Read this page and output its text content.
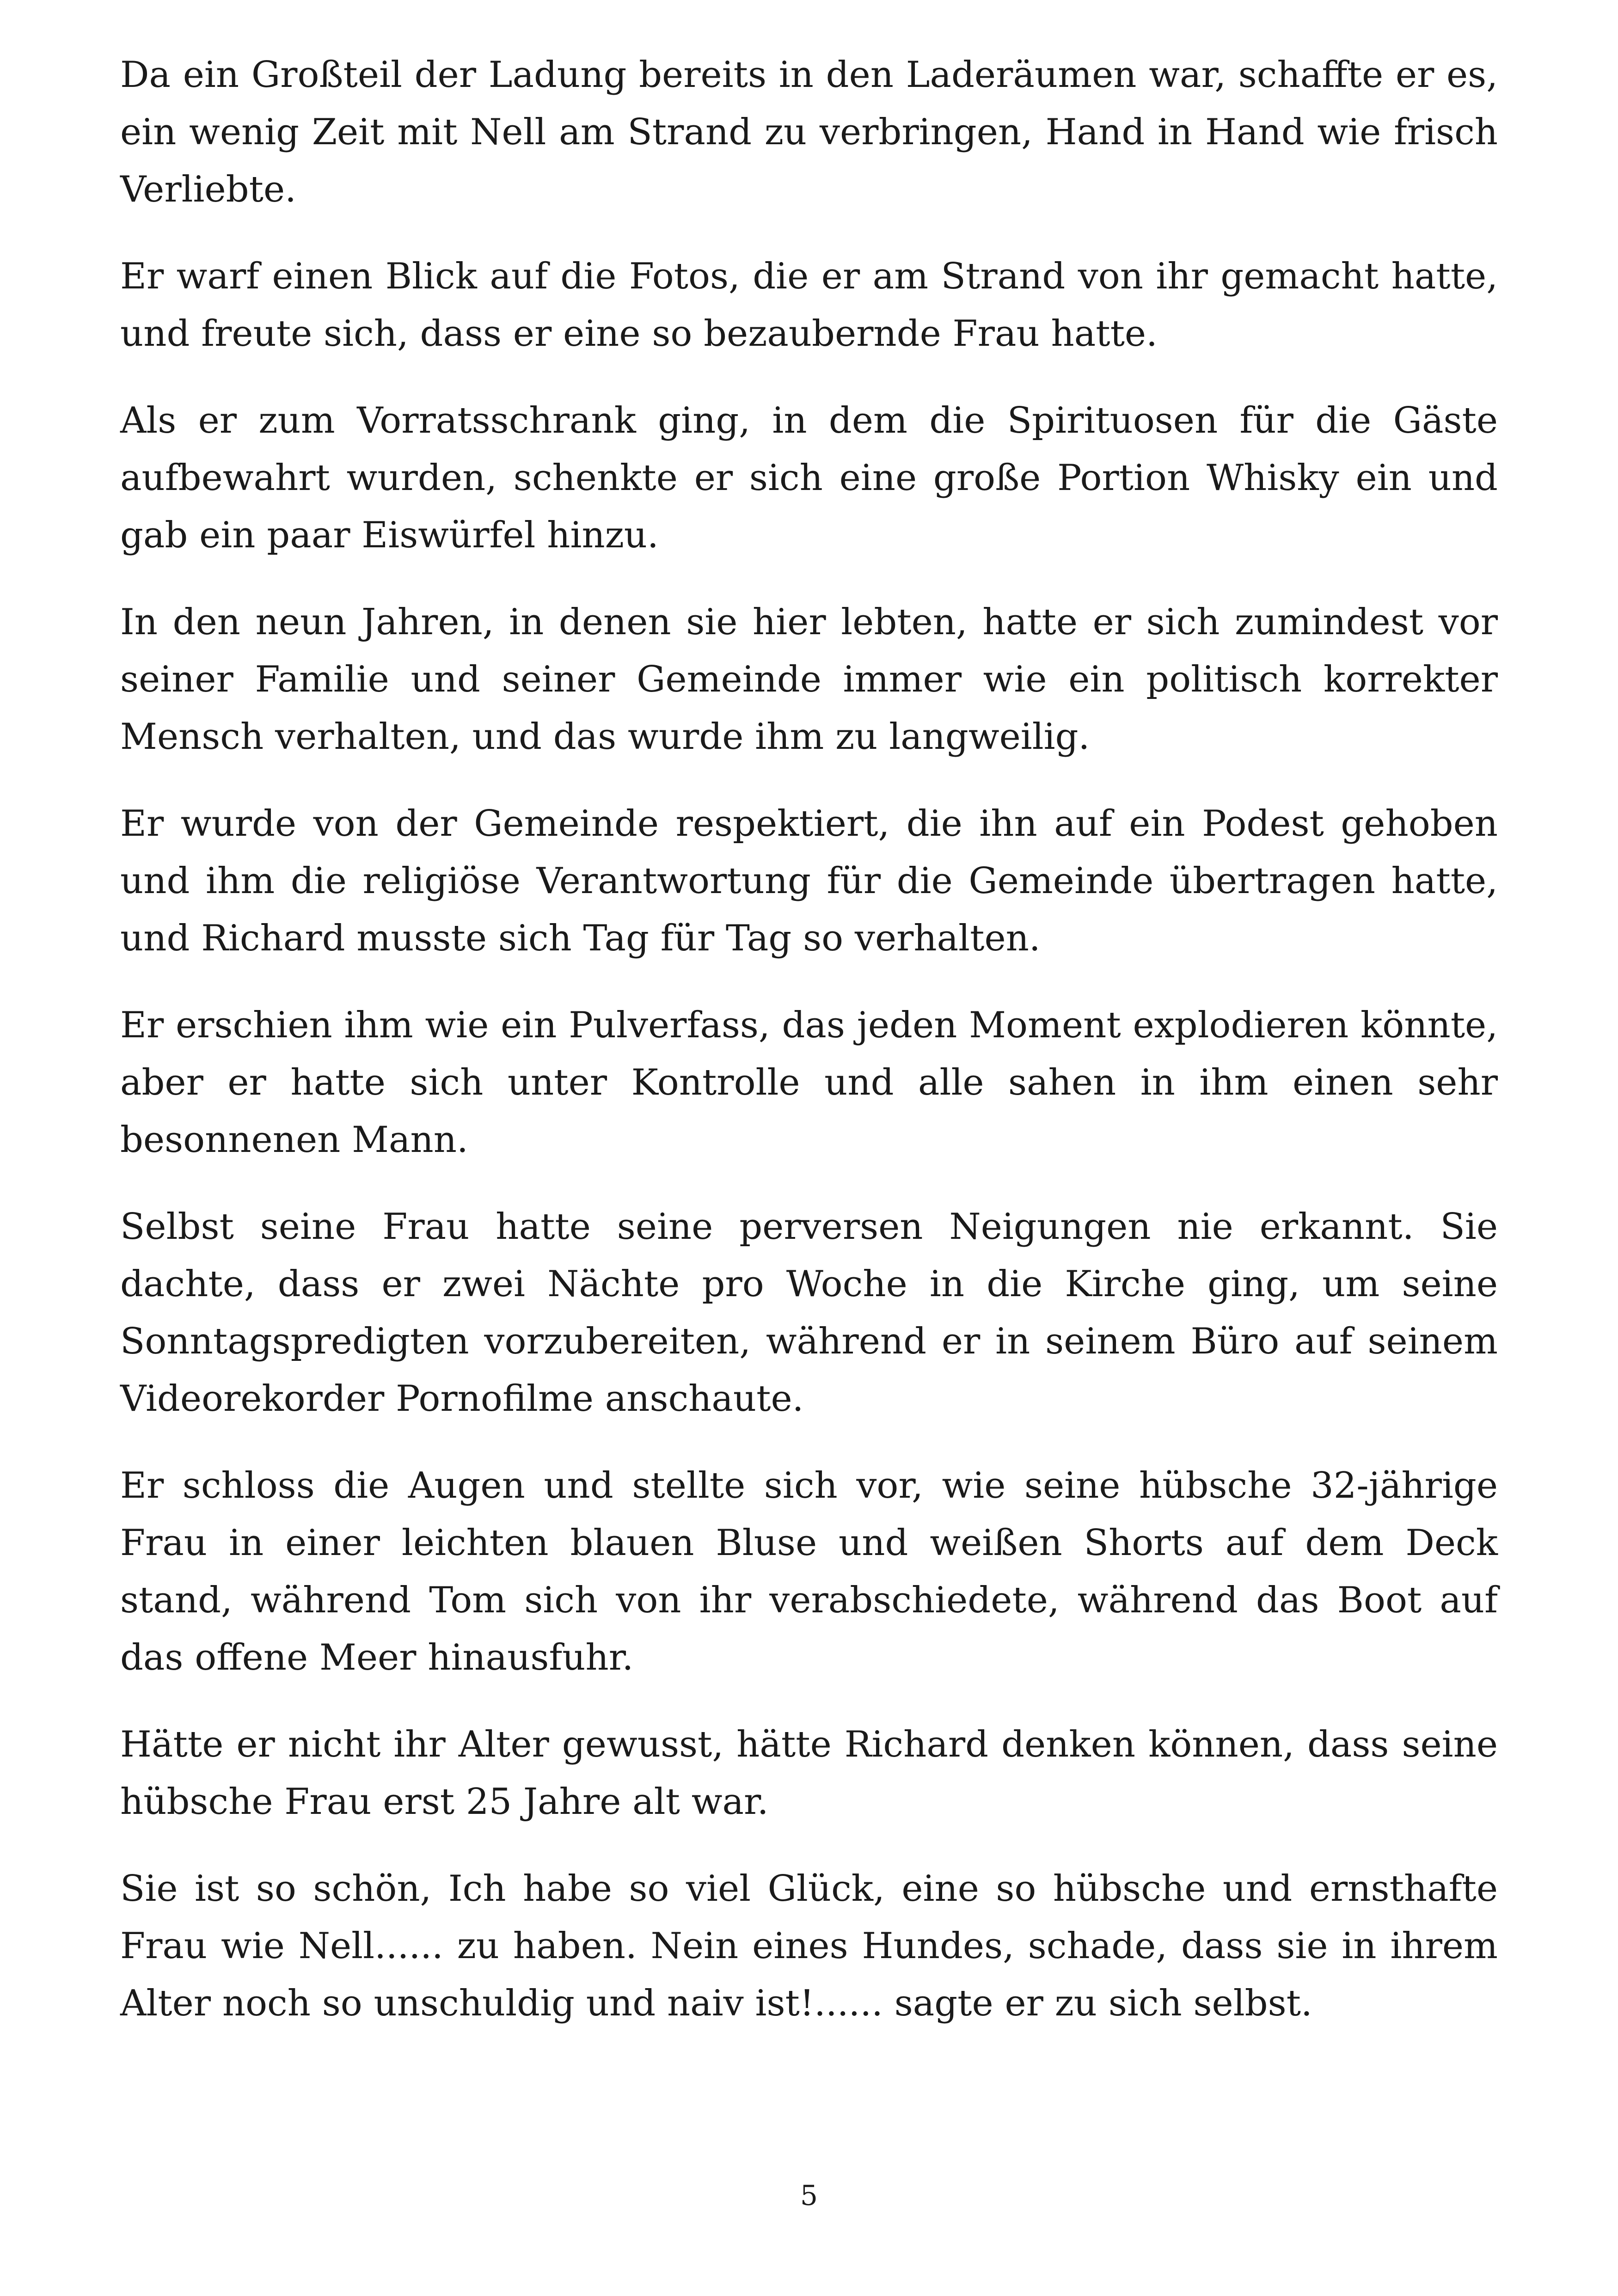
Da ein Großteil der Ladung bereits in den Laderäumen war, schaffte er es, ein wenig Zeit mit Nell am Strand zu verbringen, Hand in Hand wie frisch Verliebte.

Er warf einen Blick auf die Fotos, die er am Strand von ihr gemacht hatte, und freute sich, dass er eine so bezaubernde Frau hatte.

Als er zum Vorratsschrank ging, in dem die Spirituosen für die Gäste aufbewahrt wurden, schenkte er sich eine große Portion Whisky ein und gab ein paar Eiswürfel hinzu.

In den neun Jahren, in denen sie hier lebten, hatte er sich zumindest vor seiner Familie und seiner Gemeinde immer wie ein politisch korrekter Mensch verhalten, und das wurde ihm zu langweilig.

Er wurde von der Gemeinde respektiert, die ihn auf ein Podest gehoben und ihm die religiöse Verantwortung für die Gemeinde übertragen hatte, und Richard musste sich Tag für Tag so verhalten.

Er erschien ihm wie ein Pulverfass, das jeden Moment explodieren könnte, aber er hatte sich unter Kontrolle und alle sahen in ihm einen sehr besonnenen Mann.

Selbst seine Frau hatte seine perversen Neigungen nie erkannt. Sie dachte, dass er zwei Nächte pro Woche in die Kirche ging, um seine Sonntagspredigten vorzubereiten, während er in seinem Büro auf seinem Videorekorder Pornofilme anschaute.

Er schloss die Augen und stellte sich vor, wie seine hübsche 32-jährige Frau in einer leichten blauen Bluse und weißen Shorts auf dem Deck stand, während Tom sich von ihr verabschiedete, während das Boot auf das offene Meer hinausfuhr.

Hätte er nicht ihr Alter gewusst, hätte Richard denken können, dass seine hübsche Frau erst 25 Jahre alt war.

Sie ist so schön, Ich habe so viel Glück, eine so hübsche und ernsthafte Frau wie Nell...... zu haben. Nein eines Hundes, schade, dass sie in ihrem Alter noch so unschuldig und naiv ist!...... sagte er zu sich selbst.

5
